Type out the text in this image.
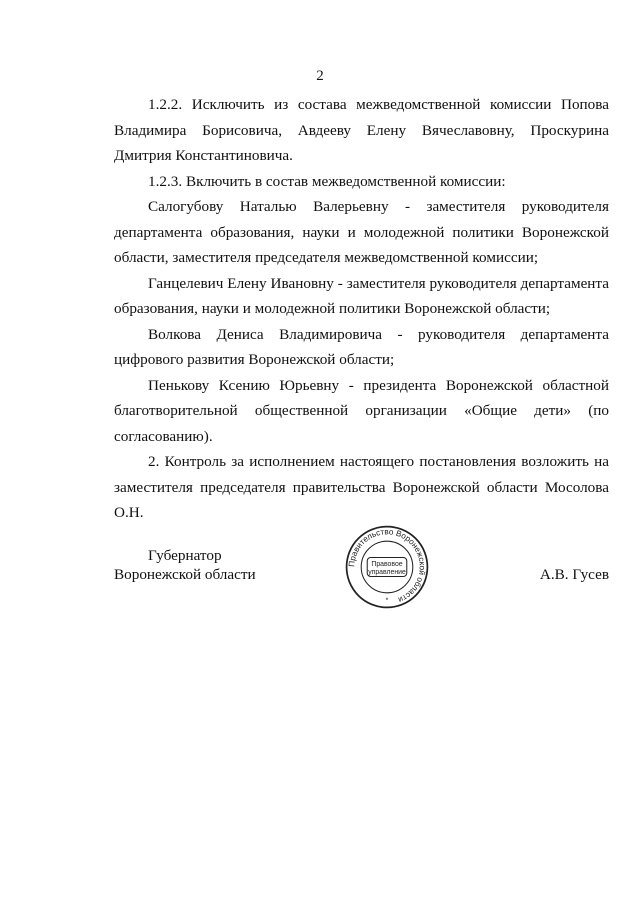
2

1.2.2. Исключить из состава межведомственной комиссии Попова Владимира Борисовича, Авдееву Елену Вячеславовну, Проскурина Дмитрия Константиновича.

1.2.3. Включить в состав межведомственной комиссии:

Салогубову Наталью Валерьевну - заместителя руководителя департамента образования, науки и молодежной политики Воронежской области, заместителя председателя межведомственной комиссии;

Ганцелевич Елену Ивановну - заместителя руководителя департамента образования, науки и молодежной политики Воронежской области;

Волкова Дениса Владимировича - руководителя департамента цифрового развития Воронежской области;

Пенькову Ксению Юрьевну - президента Воронежской областной благотворительной общественной организации «Общие дети» (по согласованию).

2. Контроль за исполнением настоящего постановления возложить на заместителя председателя правительства Воронежской области Мосолова О.Н.

Губернатор
Воронежской области
Правительство Воронежской области
Правовое
управление
*
А.В. Гусев
